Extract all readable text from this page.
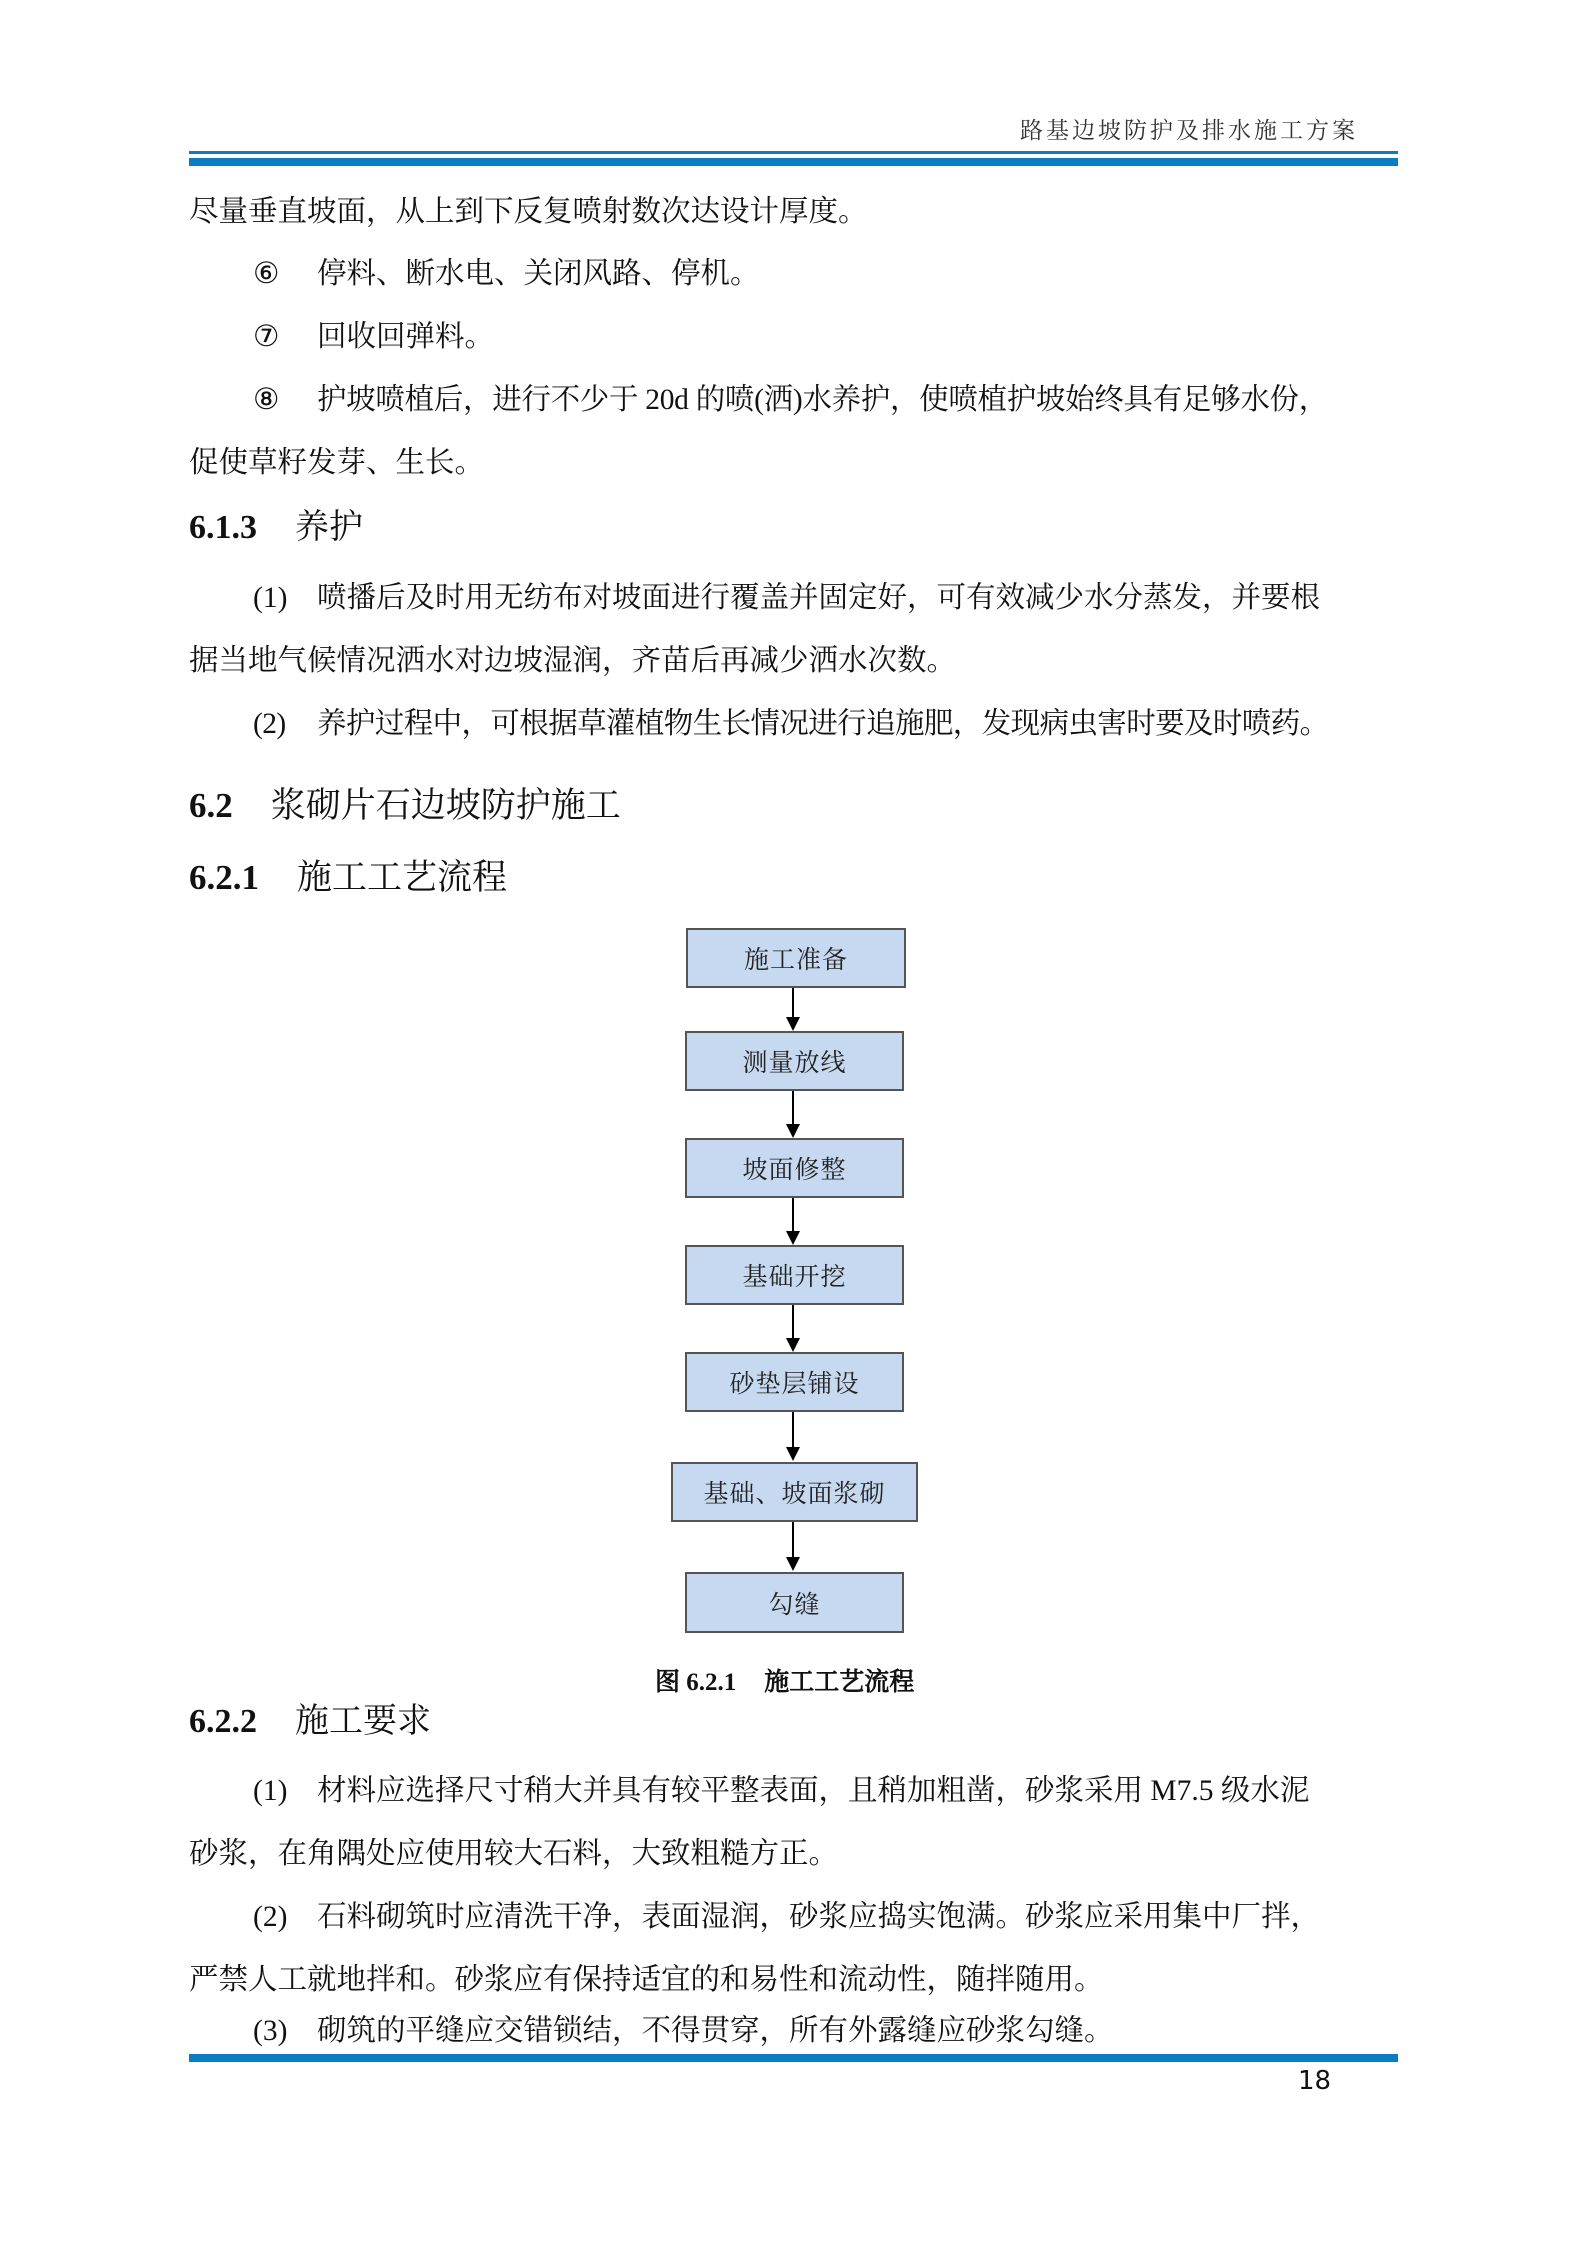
路基边坡防护及排水施工方案
尽量垂直坡面，从上到下反复喷射数次达设计厚度。
⑥ 停料、断水电、关闭风路、停机。
⑦ 回收回弹料。
⑧ 护坡喷植后，进行不少于 20d 的喷(洒)水养护，使喷植护坡始终具有足够水份，
促使草籽发芽、生长。
6.1.3 养护
(1) 喷播后及时用无纺布对坡面进行覆盖并固定好，可有效减少水分蒸发，并要根
据当地气候情况洒水对边坡湿润，齐苗后再减少洒水次数。
(2) 养护过程中，可根据草灌植物生长情况进行追施肥，发现病虫害时要及时喷药。
6.2 浆砌片石边坡防护施工
6.2.1 施工工艺流程
施工准备
测量放线
坡面修整
基础开挖
砂垫层铺设
基础、坡面浆砌
勾缝
图 6.2.1 施工工艺流程
6.2.2 施工要求
(1) 材料应选择尺寸稍大并具有较平整表面，且稍加粗凿，砂浆采用 M7.5 级水泥
砂浆，在角隅处应使用较大石料，大致粗糙方正。
(2) 石料砌筑时应清洗干净，表面湿润，砂浆应捣实饱满。砂浆应采用集中厂拌，
严禁人工就地拌和。砂浆应有保持适宜的和易性和流动性，随拌随用。
(3) 砌筑的平缝应交错锁结，不得贯穿，所有外露缝应砂浆勾缝。
18
